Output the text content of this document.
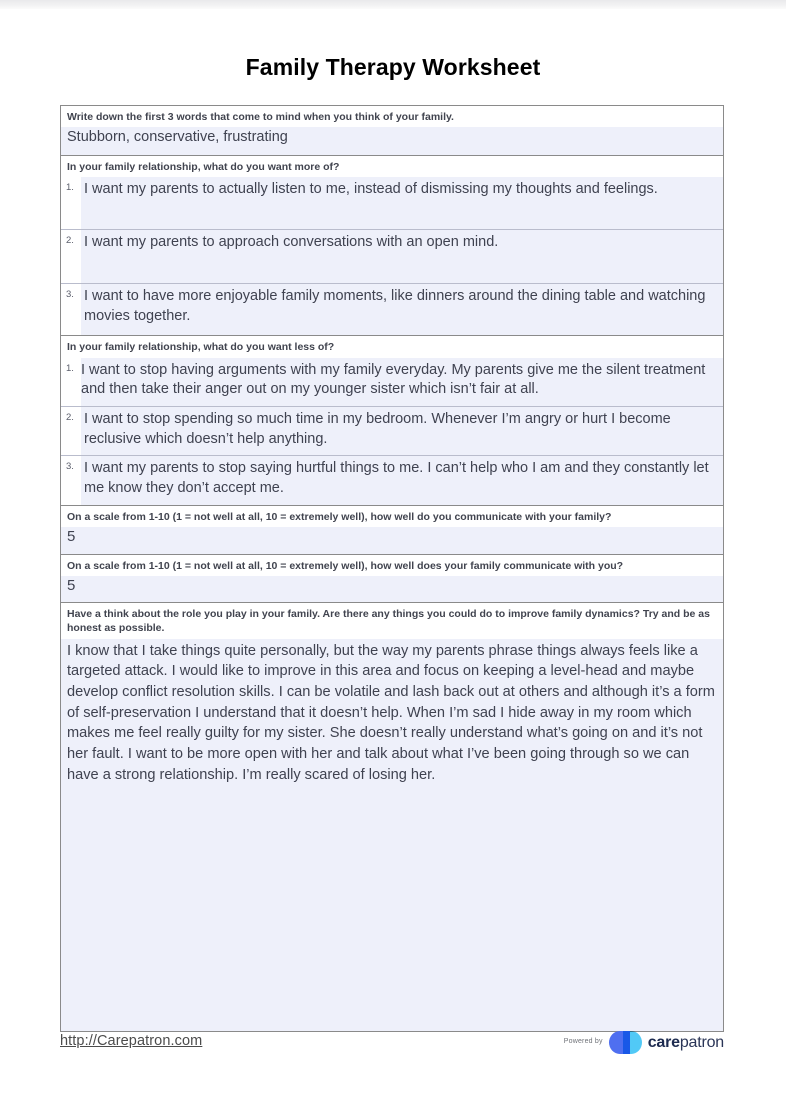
Family Therapy Worksheet
Write down the first 3 words that come to mind when you think of your family.
Stubborn, conservative, frustrating
In your family relationship, what do you want more of?
1. I want my parents to actually listen to me, instead of dismissing my thoughts and feelings.
2. I want my parents to approach conversations with an open mind.
3. I want to have more enjoyable family moments, like dinners around the dining table and watching movies together.
In your family relationship, what do you want less of?
1. I want to stop having arguments with my family everyday. My parents give me the silent treatment and then take their anger out on my younger sister which isn’t fair at all.
2. I want to stop spending so much time in my bedroom. Whenever I’m angry or hurt I become reclusive which doesn’t help anything.
3. I want my parents to stop saying hurtful things to me. I can’t help who I am and they constantly let me know they don’t accept me.
On a scale from 1-10 (1 = not well at all, 10 = extremely well), how well do you communicate with your family?
5
On a scale from 1-10 (1 = not well at all, 10 = extremely well), how well does your family communicate with you?
5
Have a think about the role you play in your family. Are there any things you could do to improve family dynamics? Try and be as honest as possible.
I know that I take things quite personally, but the way my parents phrase things always feels like a targeted attack. I would like to improve in this area and focus on keeping a level-head and maybe develop conflict resolution skills. I can be volatile and lash back out at others and although it’s a form of self-preservation I understand that it doesn’t help. When I’m sad I hide away in my room which makes me feel really guilty for my sister. She doesn’t really understand what’s going on and it’s not her fault. I want to be more open with her and talk about what I’ve been going through so we can have a strong relationship. I’m really scared of losing her.
http://Carepatron.com	Powered by	carepatron
